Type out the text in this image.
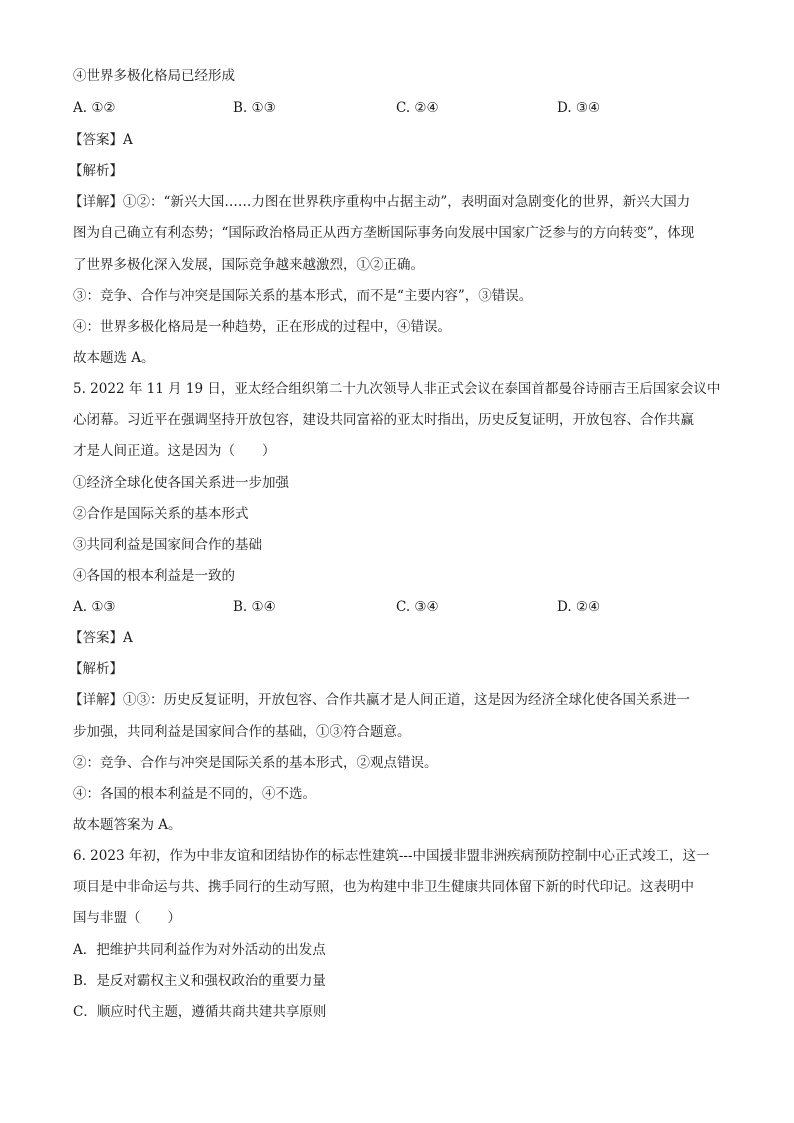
④世界多极化格局已经形成
A. ①②	B. ①③	C. ②④	D. ③④
【答案】A
【解析】
【详解】①②：“新兴大国……力图在世界秩序重构中占据主动”，表明面对急剧变化的世界，新兴大国力
图为自己确立有利态势；“国际政治格局正从西方垄断国际事务向发展中国家广泛参与的方向转变”，体现
了世界多极化深入发展，国际竞争越来越激烈，①②正确。
③：竞争、合作与冲突是国际关系的基本形式，而不是“主要内容”，③错误。
④：世界多极化格局是一种趋势，正在形成的过程中，④错误。
故本题选 A。
5. 2022 年 11 月 19 日，亚太经合组织第二十九次领导人非正式会议在泰国首都曼谷诗丽吉王后国家会议中
心闭幕。习近平在强调坚持开放包容，建设共同富裕的亚太时指出，历史反复证明，开放包容、合作共赢
才是人间正道。这是因为（　　）
①经济全球化使各国关系进一步加强
②合作是国际关系的基本形式
③共同利益是国家间合作的基础
④各国的根本利益是一致的
A. ①③	B. ①④	C. ③④	D. ②④
【答案】A
【解析】
【详解】①③：历史反复证明，开放包容、合作共赢才是人间正道，这是因为经济全球化使各国关系进一
步加强，共同利益是国家间合作的基础，①③符合题意。
②：竞争、合作与冲突是国际关系的基本形式，②观点错误。
④：各国的根本利益是不同的，④不选。
故本题答案为 A。
6. 2023 年初，作为中非友谊和团结协作的标志性建筑---中国援非盟非洲疾病预防控制中心正式竣工，这一
项目是中非命运与共、携手同行的生动写照，也为构建中非卫生健康共同体留下新的时代印记。这表明中
国与非盟（　　）
A．把维护共同利益作为对外活动的出发点
B．是反对霸权主义和强权政治的重要力量
C．顺应时代主题，遵循共商共建共享原则
